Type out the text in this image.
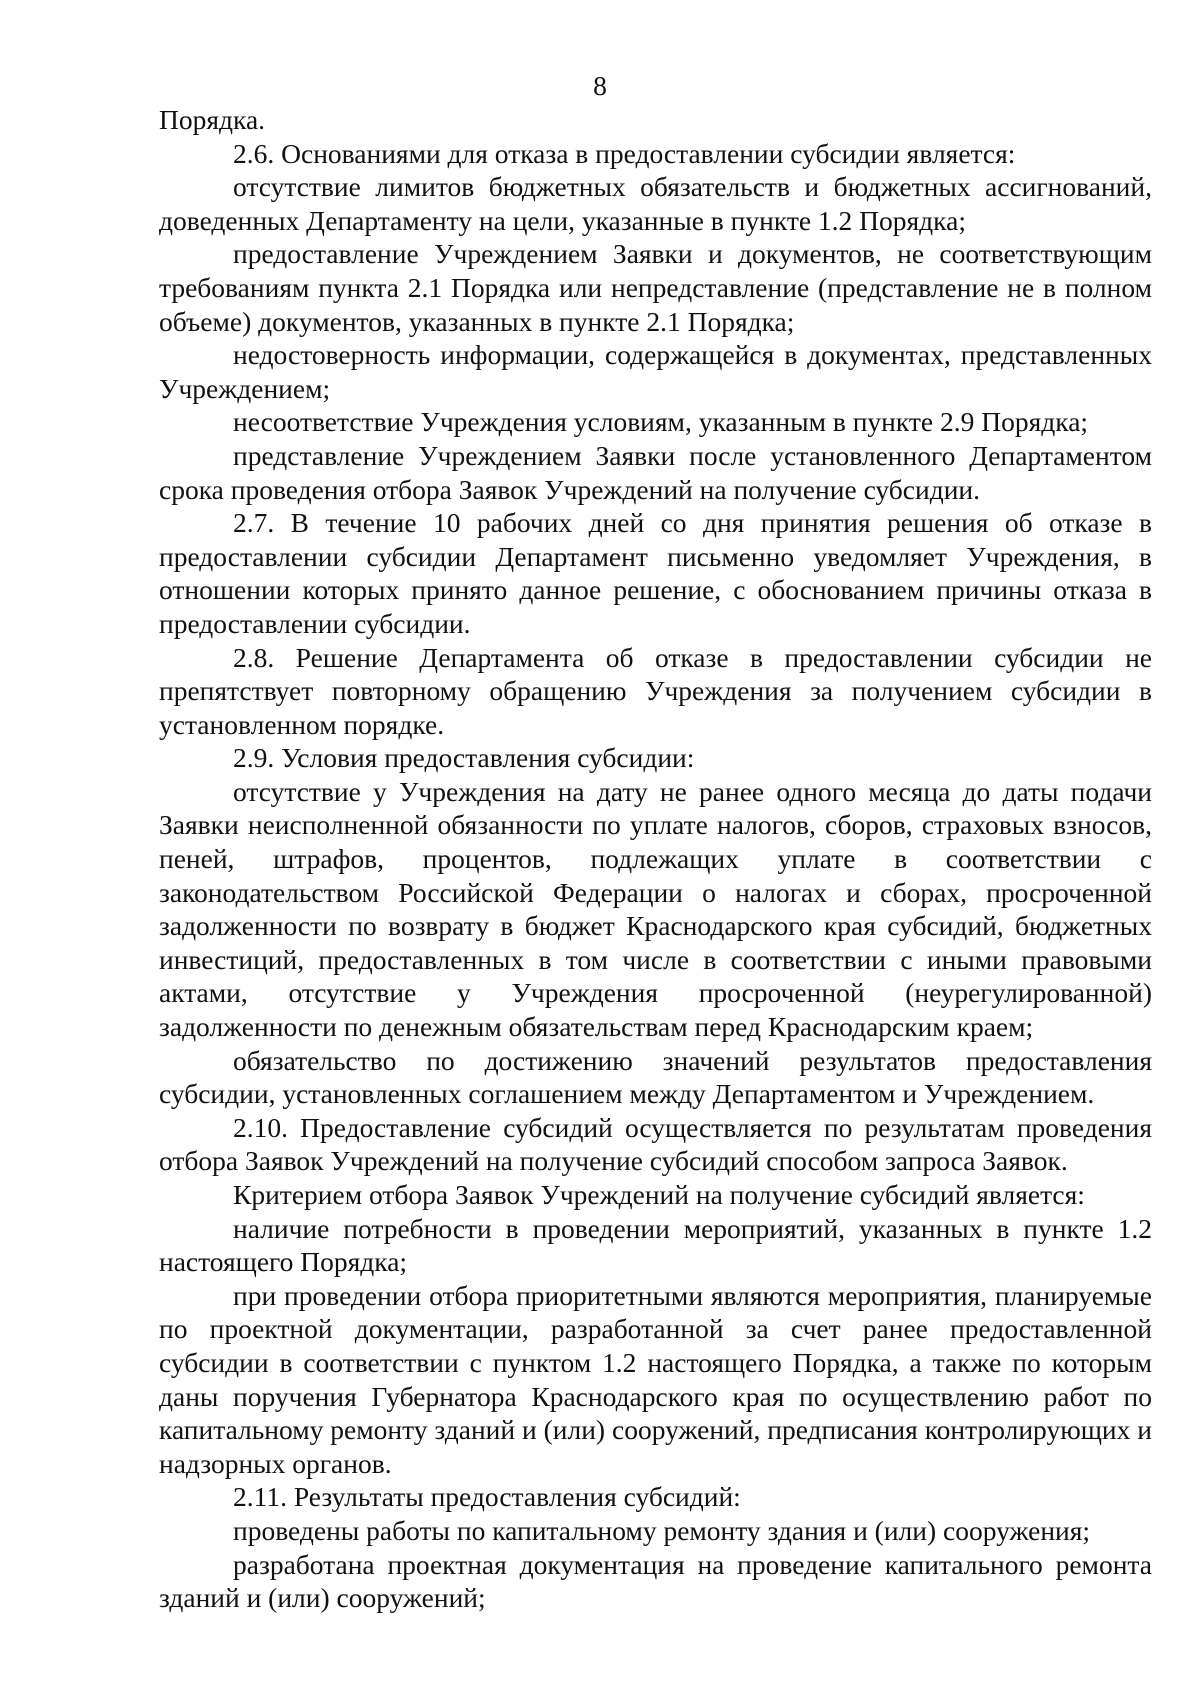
8

Порядка.

2.6. Основаниями для отказа в предоставлении субсидии является:

отсутствие лимитов бюджетных обязательств и бюджетных ассигнований, доведенных Департаменту на цели, указанные в пункте 1.2 Порядка;

предоставление Учреждением Заявки и документов, не соответствующим требованиям пункта 2.1 Порядка или непредставление (представление не в полном объеме) документов, указанных в пункте 2.1 Порядка;

недостоверность информации, содержащейся в документах, представленных Учреждением;

несоответствие Учреждения условиям, указанным в пункте 2.9 Порядка;

представление Учреждением Заявки после установленного Департаментом срока проведения отбора Заявок Учреждений на получение субсидии.

2.7. В течение 10 рабочих дней со дня принятия решения об отказе в предоставлении субсидии Департамент письменно уведомляет Учреждения, в отношении которых принято данное решение, с обоснованием причины отказа в предоставлении субсидии.

2.8. Решение Департамента об отказе в предоставлении субсидии не препятствует повторному обращению Учреждения за получением субсидии в установленном порядке.

2.9. Условия предоставления субсидии:

отсутствие у Учреждения на дату не ранее одного месяца до даты подачи Заявки неисполненной обязанности по уплате налогов, сборов, страховых взносов, пеней, штрафов, процентов, подлежащих уплате в соответствии с законодательством Российской Федерации о налогах и сборах, просроченной задолженности по возврату в бюджет Краснодарского края субсидий, бюджетных инвестиций, предоставленных в том числе в соответствии с иными правовыми актами, отсутствие у Учреждения просроченной (неурегулированной) задолженности по денежным обязательствам перед Краснодарским краем;

обязательство по достижению значений результатов предоставления субсидии, установленных соглашением между Департаментом и Учреждением.

2.10. Предоставление субсидий осуществляется по результатам проведения отбора Заявок Учреждений на получение субсидий способом запроса Заявок.

Критерием отбора Заявок Учреждений на получение субсидий является:

наличие потребности в проведении мероприятий, указанных в пункте 1.2 настоящего Порядка;

при проведении отбора приоритетными являются мероприятия, планируемые по проектной документации, разработанной за счет ранее предоставленной субсидии в соответствии с пунктом 1.2 настоящего Порядка, а также по которым даны поручения Губернатора Краснодарского края по осуществлению работ по капитальному ремонту зданий и (или) сооружений, предписания контролирующих и надзорных органов.

2.11. Результаты предоставления субсидий:

проведены работы по капитальному ремонту здания и (или) сооружения;

разработана проектная документация на проведение капитального ремонта зданий и (или) сооружений;
